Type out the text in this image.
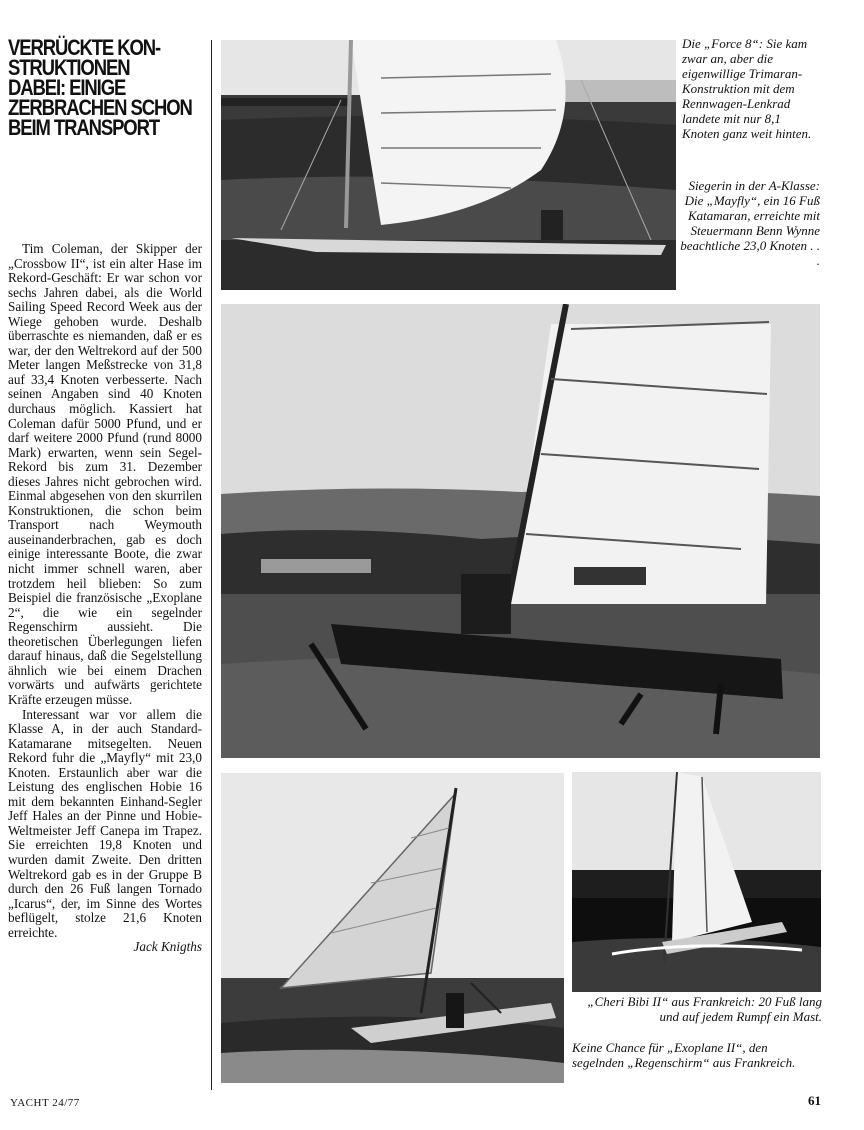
VERRÜCKTE KON-
STRUKTIONEN
DABEI: EINIGE
ZERBRACHEN SCHON
BEIM TRANSPORT

Tim Coleman, der Skipper der „Crossbow II“, ist ein alter Hase im Rekord-Geschäft: Er war schon vor sechs Jahren dabei, als die World Sailing Speed Record Week aus der Wiege gehoben wurde. Deshalb überraschte es niemanden, daß er es war, der den Weltrekord auf der 500 Meter langen Meßstrecke von 31,8 auf 33,4 Knoten verbesserte. Nach seinen Angaben sind 40 Knoten durchaus möglich. Kassiert hat Coleman dafür 5000 Pfund, und er darf weitere 2000 Pfund (rund 8000 Mark) erwarten, wenn sein Segel-Rekord bis zum 31. Dezember dieses Jahres nicht gebrochen wird. Einmal abgesehen von den skurrilen Konstruktionen, die schon beim Transport nach Weymouth auseinanderbrachen, gab es doch einige interessante Boote, die zwar nicht immer schnell waren, aber trotzdem heil blieben: So zum Beispiel die französische „Exoplane 2“, die wie ein segelnder Regenschirm aussieht. Die theoretischen Überlegungen liefen darauf hinaus, daß die Segelstellung ähnlich wie bei einem Drachen vorwärts und aufwärts gerichtete Kräfte erzeugen müsse.

Interessant war vor allem die Klasse A, in der auch Standard-Katamarane mitsegelten. Neuen Rekord fuhr die „Mayfly“ mit 23,0 Knoten. Erstaunlich aber war die Leistung des englischen Hobie 16 mit dem bekannten Einhand-Segler Jeff Hales an der Pinne und Hobie-Weltmeister Jeff Canepa im Trapez. Sie erreichten 19,8 Knoten und wurden damit Zweite. Den dritten Weltrekord gab es in der Gruppe B durch den 26 Fuß langen Tornado „Icarus“, der, im Sinne des Wortes beflügelt, stolze 21,6 Knoten erreichte.

Jack Knigths

Die „Force 8“: Sie kam zwar an, aber die eigenwillige Trimaran-Konstruktion mit dem Rennwagen-Lenkrad landete mit nur 8,1 Knoten ganz weit hinten.
Siegerin in der A-Klasse: Die „Mayfly“, ein 16 Fuß Katamaran, erreichte mit Steuermann Benn Wynne beachtliche 23,0 Knoten . . .
„Cheri Bibi II“ aus Frankreich: 20 Fuß lang und auf jedem Rumpf ein Mast.
Keine Chance für „Exoplane II“, den segelnden „Regenschirm“ aus Frankreich.
YACHT 24/77	61
